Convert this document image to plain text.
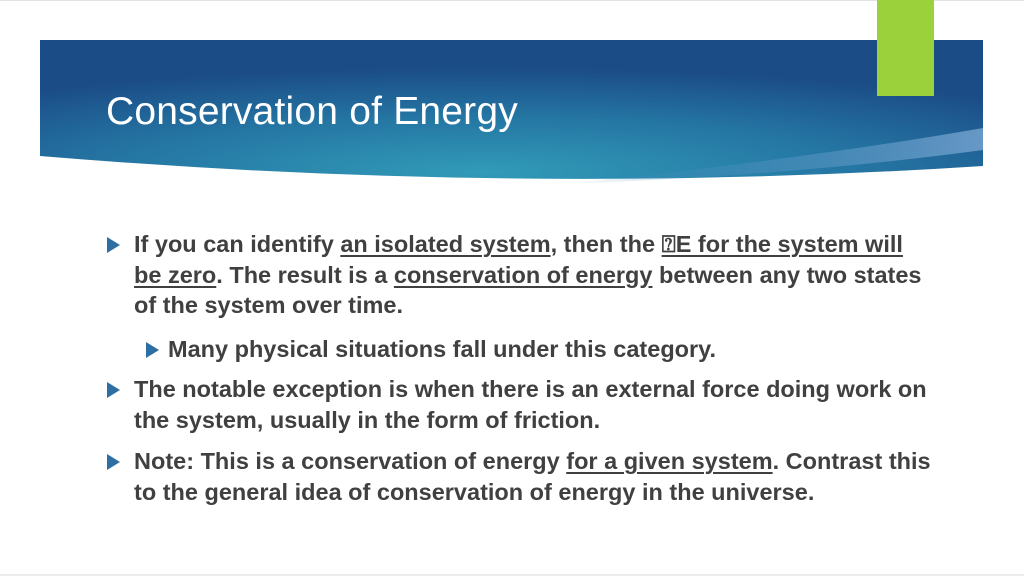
Conservation of Energy
If you can identify an isolated system, then the ⍰E for the system will be zero. The result is a conservation of energy between any two states of the system over time.
Many physical situations fall under this category.
The notable exception is when there is an external force doing work on the system, usually in the form of friction.
Note: This is a conservation of energy for a given system. Contrast this to the general idea of conservation of energy in the universe.
